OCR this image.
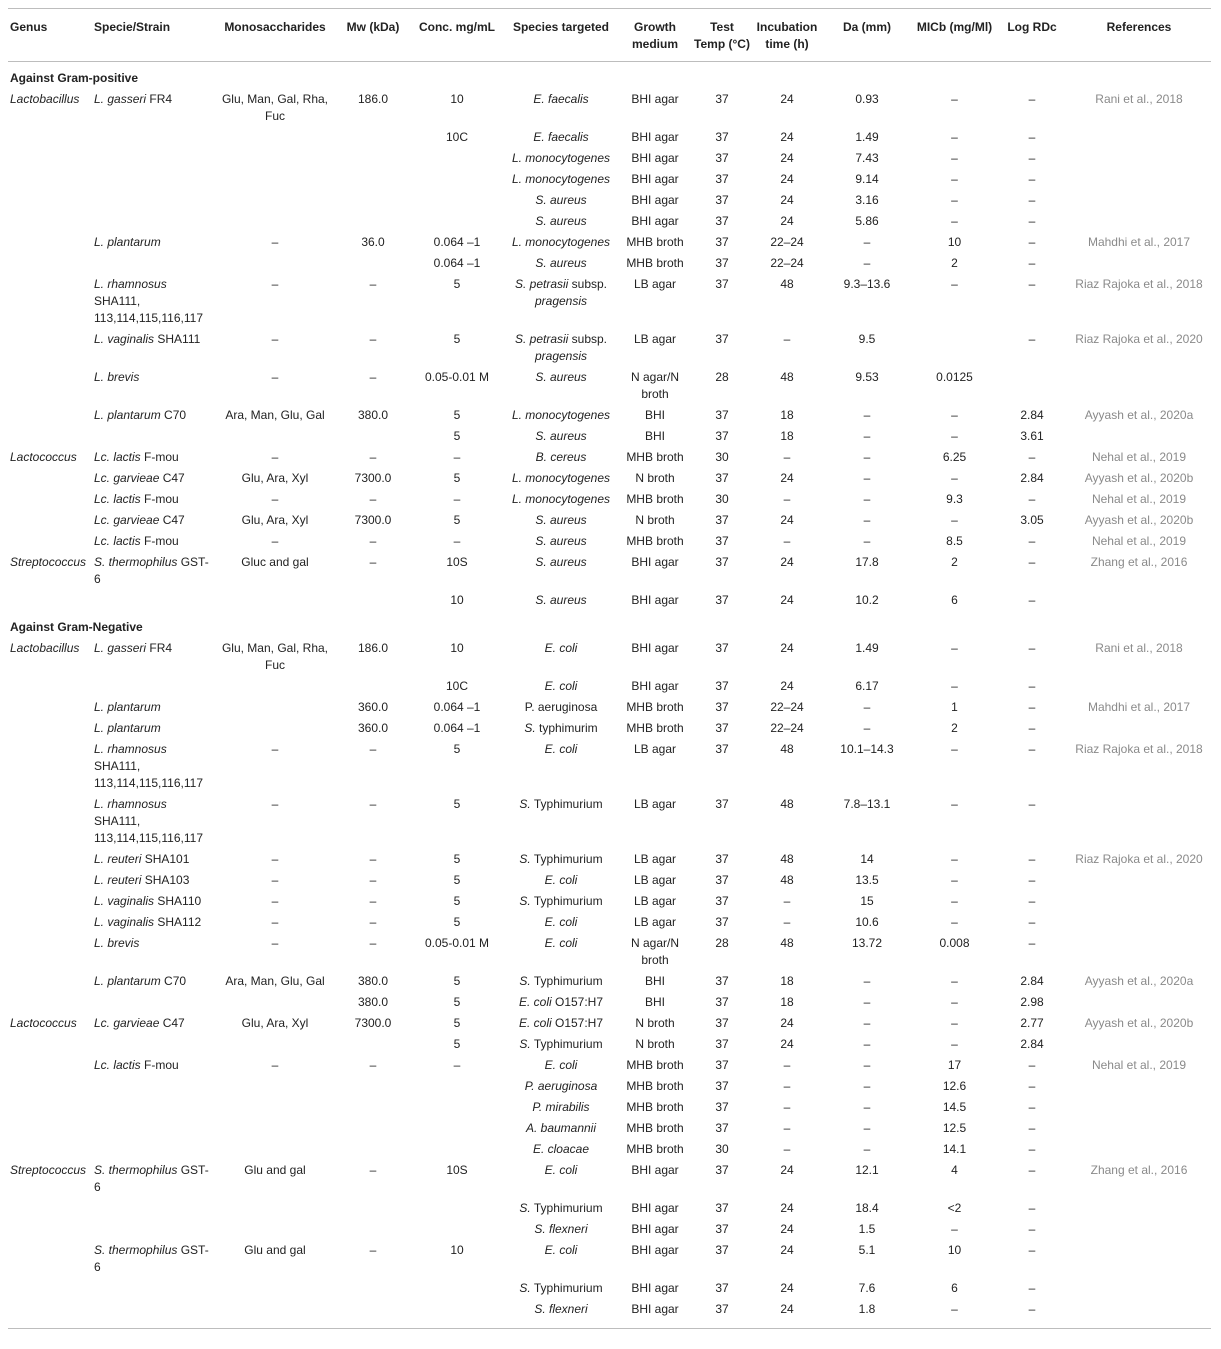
Genus	Specie/Strain	Monosaccharides	Mw (kDa)	Conc. mg/mL	Species targeted	Growth medium	Test Temp (°C)	Incubation time (h)	Da (mm)	MICb (mg/Ml)	Log RDc	References
Against Gram-positive												
Lactobacillus	L. gasseri FR4	Glu, Man, Gal, Rha, Fuc	186.0	10	E. faecalis	BHI agar	37	24	0.93	–	–	Rani et al., 2018
				10C	E. faecalis	BHI agar	37	24	1.49	–	–	
					L. monocytogenes	BHI agar	37	24	7.43	–	–	
					L. monocytogenes	BHI agar	37	24	9.14	–	–	
					S. aureus	BHI agar	37	24	3.16	–	–	
					S. aureus	BHI agar	37	24	5.86	–	–	
	L. plantarum	–	36.0	0.064 –1	L. monocytogenes	MHB broth	37	22–24	–	10	–	Mahdhi et al., 2017
				0.064 –1	S. aureus	MHB broth	37	22–24	–	2	–	
	L. rhamnosus SHA111, 113,114,115,116,117	–	–	5	S. petrasii subsp. pragensis	LB agar	37	48	9.3–13.6	–	–	Riaz Rajoka et al., 2018
	L. vaginalis SHA111	–	–	5	S. petrasii subsp. pragensis	LB agar	37	–	9.5		–	Riaz Rajoka et al., 2020
	L. brevis	–	–	0.05-0.01 M	S. aureus	N agar/N broth	28	48	9.53	0.0125		
	L. plantarum C70	Ara, Man, Glu, Gal	380.0	5	L. monocytogenes	BHI	37	18	–	–	2.84	Ayyash et al., 2020a
				5	S. aureus	BHI	37	18	–	–	3.61	
Lactococcus	Lc. lactis F-mou	–	–	–	B. cereus	MHB broth	30	–	–	6.25	–	Nehal et al., 2019
	Lc. garvieae C47	Glu, Ara, Xyl	7300.0	5	L. monocytogenes	N broth	37	24	–	–	2.84	Ayyash et al., 2020b
	Lc. lactis F-mou	–	–	–	L. monocytogenes	MHB broth	30	–	–	9.3	–	Nehal et al., 2019
	Lc. garvieae C47	Glu, Ara, Xyl	7300.0	5	S. aureus	N broth	37	24	–	–	3.05	Ayyash et al., 2020b
	Lc. lactis F-mou	–	–	–	S. aureus	MHB broth	37	–	–	8.5	–	Nehal et al., 2019
Streptococcus	S. thermophilus GST-6	Gluc and gal	–	10S	S. aureus	BHI agar	37	24	17.8	2	–	Zhang et al., 2016
				10	S. aureus	BHI agar	37	24	10.2	6	–	
Against Gram-Negative												
Lactobacillus	L. gasseri FR4	Glu, Man, Gal, Rha, Fuc	186.0	10	E. coli	BHI agar	37	24	1.49	–	–	Rani et al., 2018
				10C	E. coli	BHI agar	37	24	6.17	–	–	
	L. plantarum		360.0	0.064 –1	P. aeruginosa	MHB broth	37	22–24	–	1	–	Mahdhi et al., 2017
	L. plantarum		360.0	0.064 –1	S. typhimurim	MHB broth	37	22–24	–	2	–	
	L. rhamnosus SHA111, 113,114,115,116,117	–	–	5	E. coli	LB agar	37	48	10.1–14.3	–	–	Riaz Rajoka et al., 2018
	L. rhamnosus SHA111, 113,114,115,116,117	–	–	5	S. Typhimurium	LB agar	37	48	7.8–13.1	–	–	
	L. reuteri SHA101	–	–	5	S. Typhimurium	LB agar	37	48	14	–	–	Riaz Rajoka et al., 2020
	L. reuteri SHA103	–	–	5	E. coli	LB agar	37	48	13.5	–	–	
	L. vaginalis SHA110	–	–	5	S. Typhimurium	LB agar	37	–	15	–	–	
	L. vaginalis SHA112	–	–	5	E. coli	LB agar	37	–	10.6	–	–	
	L. brevis	–	–	0.05-0.01 M	E. coli	N agar/N broth	28	48	13.72	0.008	–	
	L. plantarum C70	Ara, Man, Glu, Gal	380.0	5	S. Typhimurium	BHI	37	18	–	–	2.84	Ayyash et al., 2020a
			380.0	5	E. coli O157:H7	BHI	37	18	–	–	2.98	
Lactococcus	Lc. garvieae C47	Glu, Ara, Xyl	7300.0	5	E. coli O157:H7	N broth	37	24	–	–	2.77	Ayyash et al., 2020b
				5	S. Typhimurium	N broth	37	24	–	–	2.84	
	Lc. lactis F-mou	–	–	–	E. coli	MHB broth	37	–	–	17	–	Nehal et al., 2019
					P. aeruginosa	MHB broth	37	–	–	12.6	–	
					P. mirabilis	MHB broth	37	–	–	14.5	–	
					A. baumannii	MHB broth	37	–	–	12.5	–	
					E. cloacae	MHB broth	30	–	–	14.1	–	
Streptococcus	S. thermophilus GST-6	Glu and gal	–	10S	E. coli	BHI agar	37	24	12.1	4	–	Zhang et al., 2016
					S. Typhimurium	BHI agar	37	24	18.4	<2	–	
					S. flexneri	BHI agar	37	24	1.5	–	–	
	S. thermophilus GST-6	Glu and gal	–	10	E. coli	BHI agar	37	24	5.1	10	–	
					S. Typhimurium	BHI agar	37	24	7.6	6	–	
					S. flexneri	BHI agar	37	24	1.8	–	–	
